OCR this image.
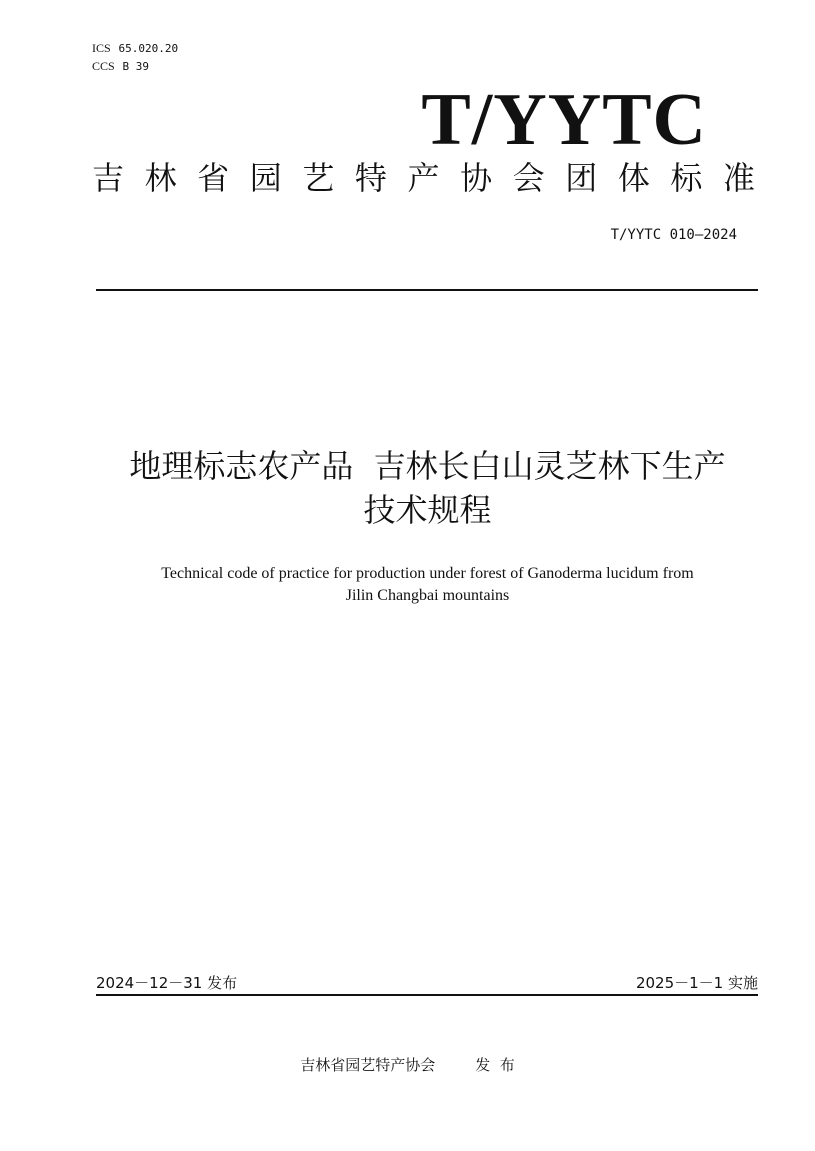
ICS 65.020.20
CCS B 39
T/YYTC
吉林省园艺特产协会团体标准
T/YYTC 010—2024
地理标志农产品  吉林长白山灵芝林下生产
技术规程
Technical code of practice for production under forest of Ganoderma lucidum from
Jilin Changbai mountains
2024－12－31 发布	2025－1－1 实施
吉林省园艺特产协会	发  布
